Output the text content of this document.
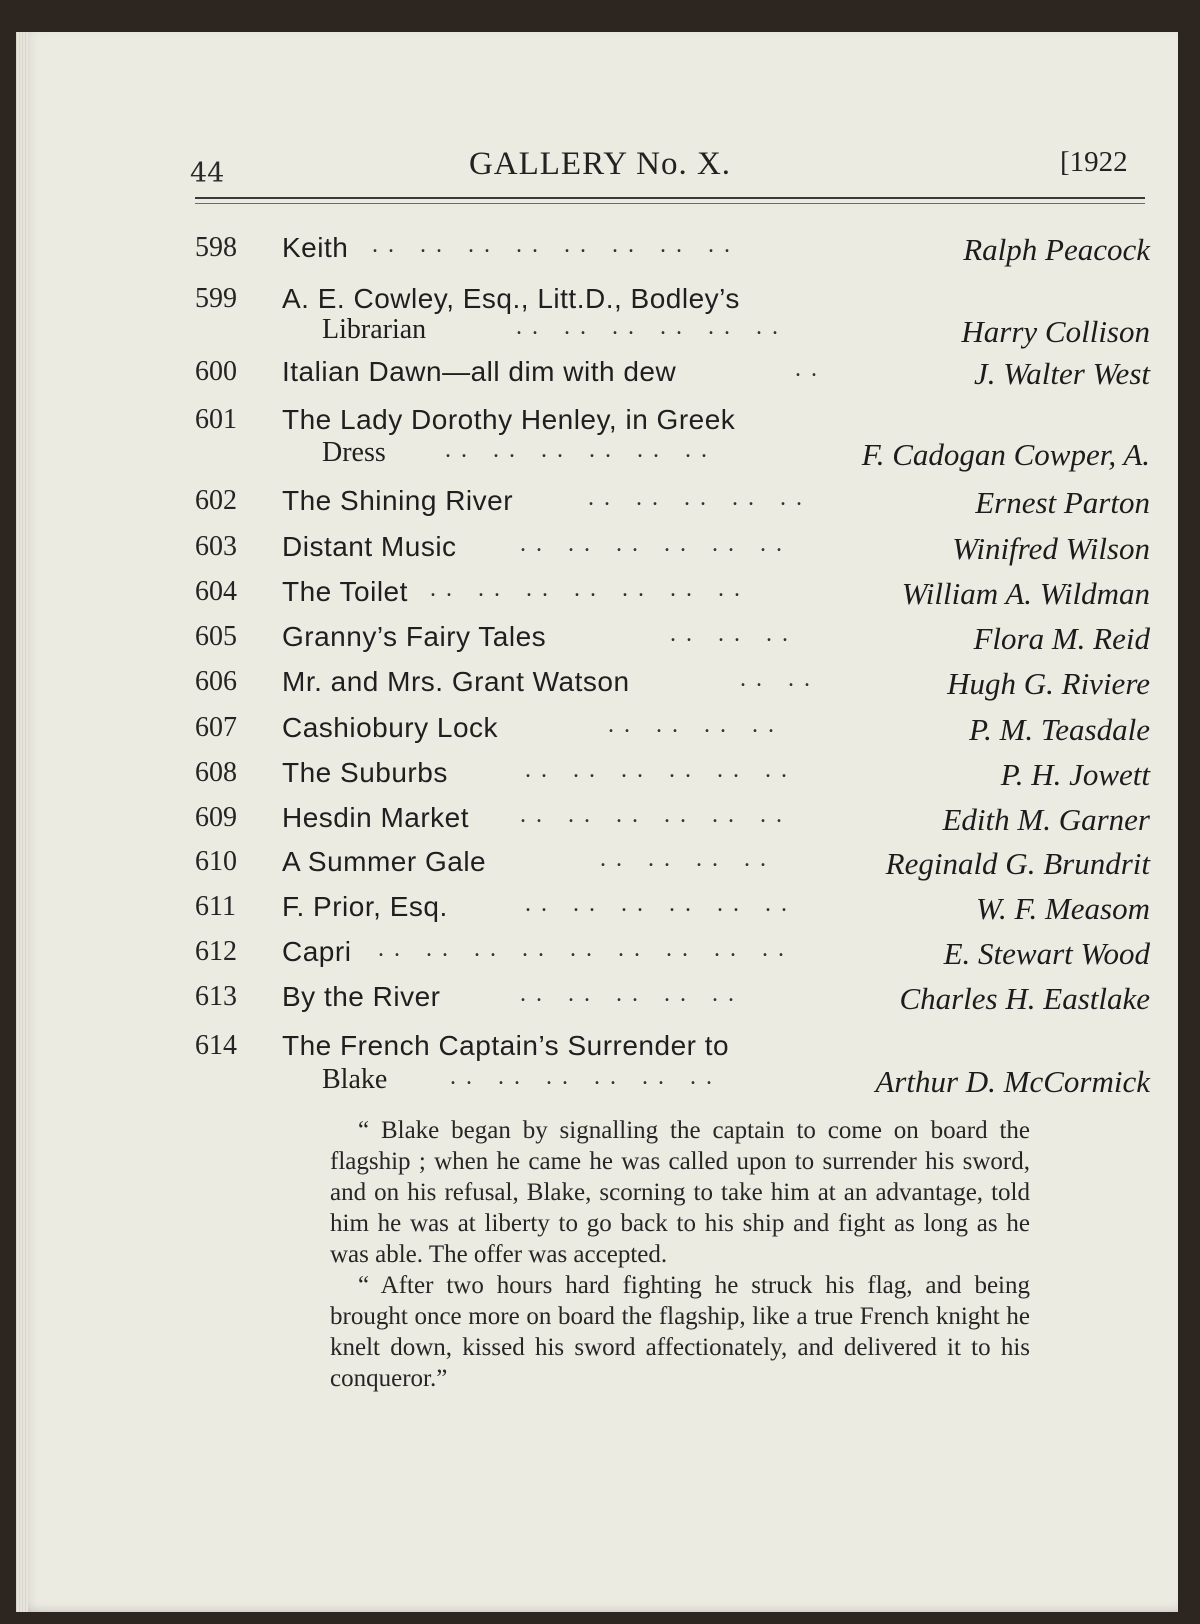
44	GALLERY No. X.	[1922
598 Keith .. .. .. .. .. .. .. ..	Ralph Peacock
599 A. E. Cowley, Esq., Litt.D., Bodley’s
Librarian	.. .. .. .. .. ..	Harry Collison
600 Italian Dawn—all dim with dew	..	J. Walter West
601 The Lady Dorothy Henley, in Greek
Dress .. .. .. .. .. ..	F. Cadogan Cowper, A.
602 The Shining River	.. .. .. .. ..	Ernest Parton
603 Distant Music	.. .. .. .. .. ..	Winifred Wilson
604 The Toilet .. .. .. .. .. .. ..	William A. Wildman
605 Granny’s Fairy Tales	.. .. ..	Flora M. Reid
606 Mr. and Mrs. Grant Watson	.. ..	Hugh G. Riviere
607 Cashiobury Lock	.. .. .. ..	P. M. Teasdale
608 The Suburbs	.. .. .. .. .. ..	P. H. Jowett
609 Hesdin Market .. .. .. .. .. ..	Edith M. Garner
610 A Summer Gale	.. .. .. ..	Reginald G. Brundrit
611 F. Prior, Esq.	.. .. .. .. .. ..	W. F. Measom
612 Capri .. .. .. .. .. .. .. .. ..	E. Stewart Wood
613 By the River	.. .. .. .. ..	Charles H. Eastlake
614 The French Captain’s Surrender to
Blake	.. .. .. .. .. ..	Arthur D. McCormick

“ Blake began by signalling the captain to come on board the flagship ; when he came he was called upon to surrender his sword, and on his refusal, Blake, scorning to take him at an advantage, told him he was at liberty to go back to his ship and fight as long as he was able. The offer was accepted.

“ After two hours hard fighting he struck his flag, and being brought once more on board the flagship, like a true French knight he knelt down, kissed his sword affectionately, and delivered it to his conqueror.”
